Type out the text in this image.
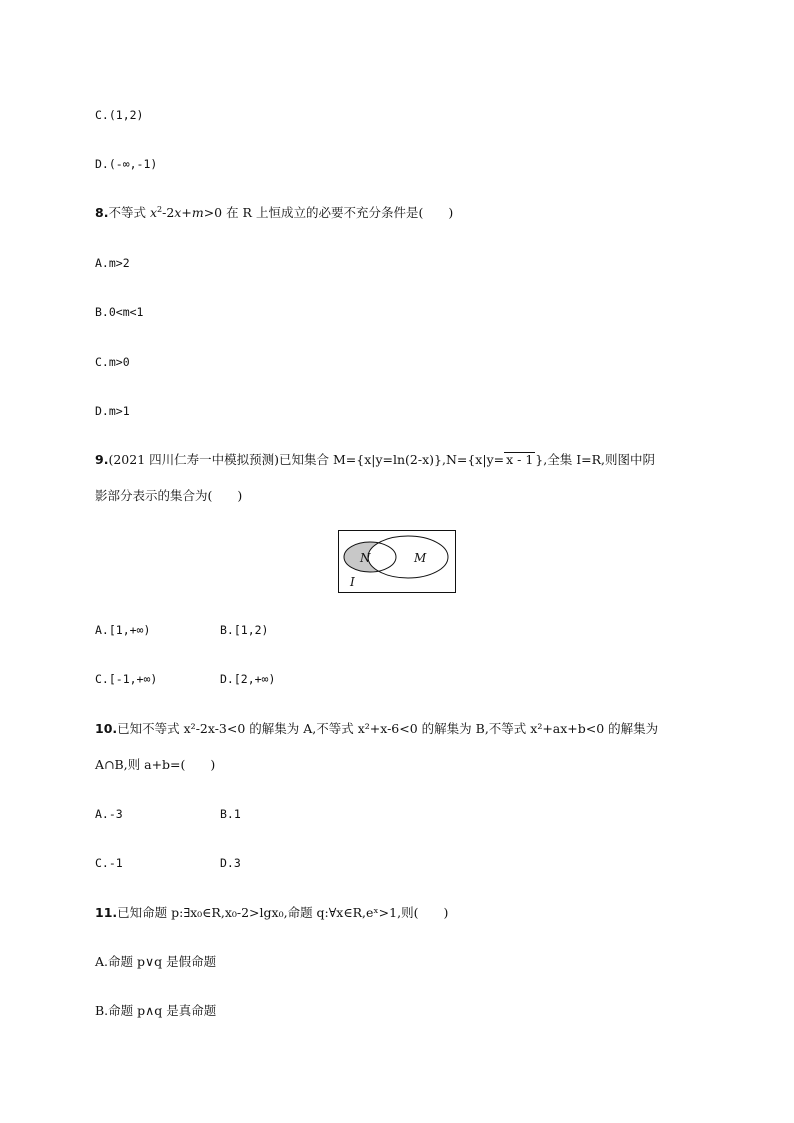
C.(1,2)
D.(-∞,-1)
8.不等式 $x^2-2x+m>0$ 在 R 上恒成立的必要不充分条件是(　　)
A.m>2
B.0<m<1
C.m>0
D.m>1
9.(2021 四川仁寿一中模拟预测)已知集合 M={x|y=ln(2-x)},N={x|y= x - 1 },全集 I=R,则图中阴
影部分表示的集合为(　　)
N	M
I
A.[1,+∞)	B.[1,2)
C.[-1,+∞)	D.[2,+∞)
10.已知不等式 x²-2x-3<0 的解集为 A,不等式 x²+x-6<0 的解集为 B,不等式 x²+ax+b<0 的解集为
A∩B,则 a+b=(　　)
A.-3	B.1
C.-1	D.3
11.已知命题 p:∃x₀∈R,x₀-2>lgx₀,命题 q:∀x∈R,eˣ>1,则(　　)
A.命题 p∨q 是假命题
B.命题 p∧q 是真命题
